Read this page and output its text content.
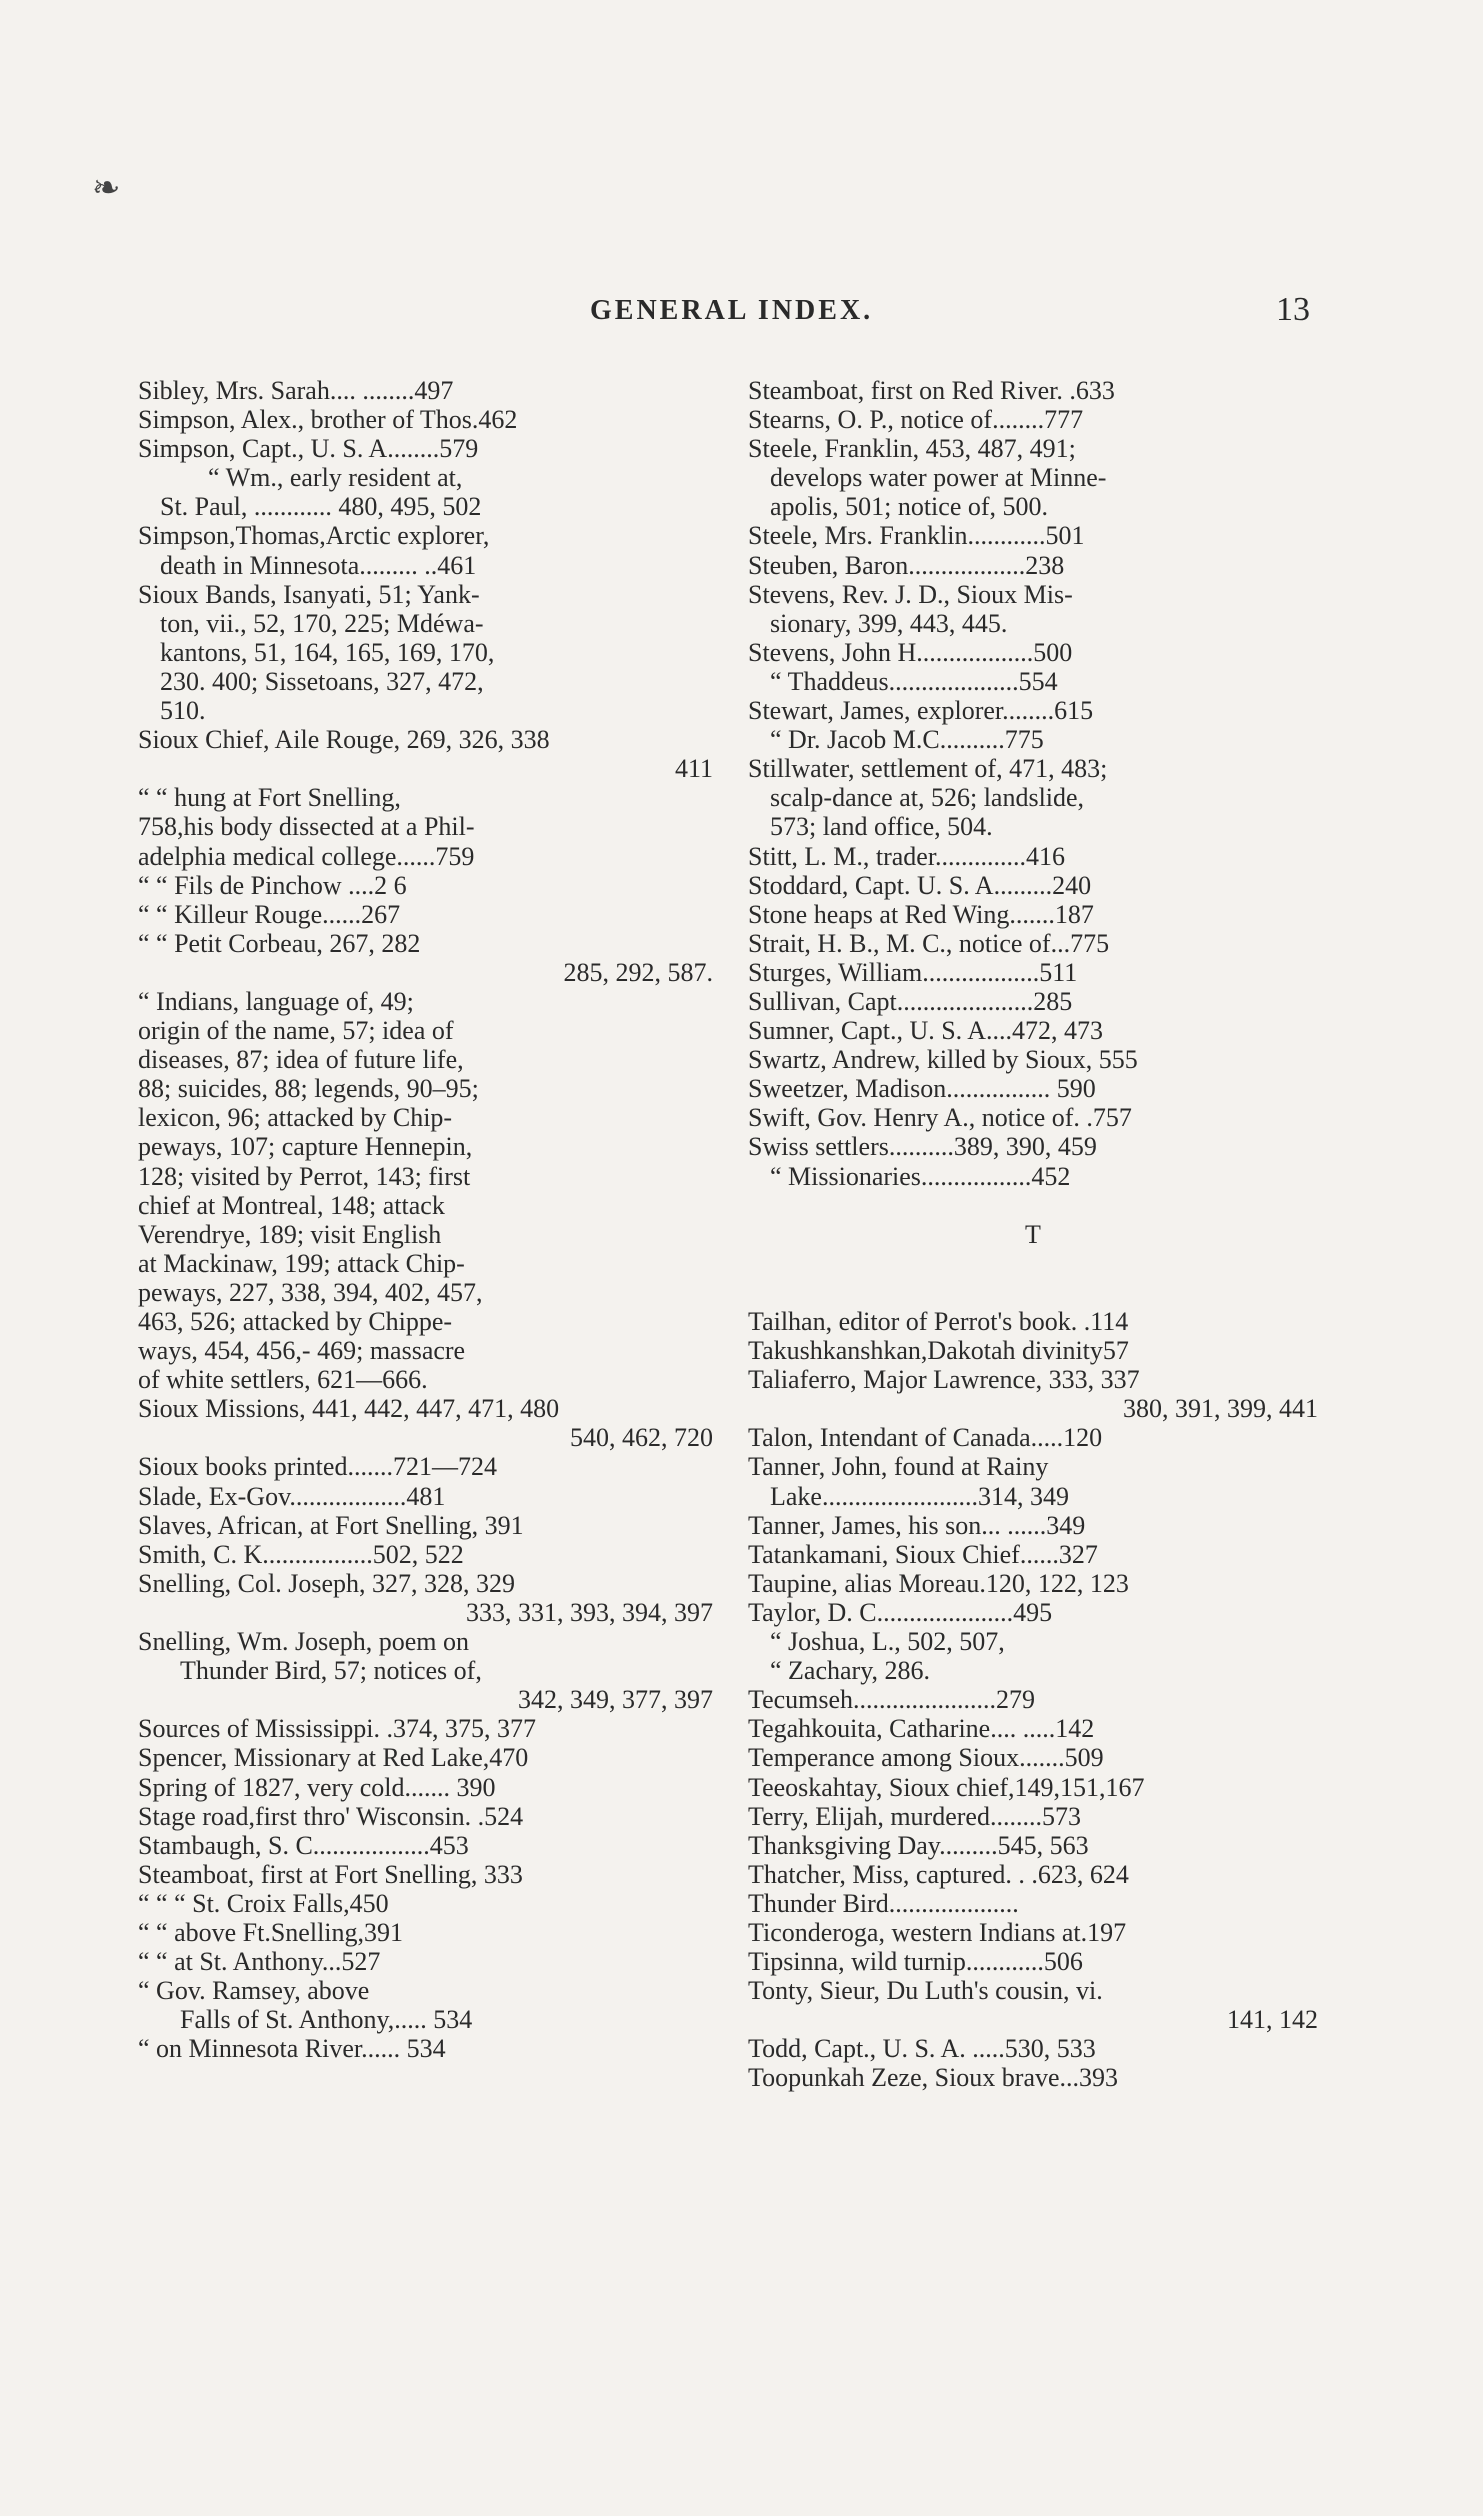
❧
GENERAL INDEX.	13
Sibley, Mrs. Sarah.... ........497
Simpson, Alex., brother of Thos.462
Simpson, Capt., U. S. A........579
“ Wm., early resident at,
St. Paul, ............ 480, 495, 502
Simpson,Thomas,Arctic explorer,
death in Minnesota......... ..461
Sioux Bands, Isanyati, 51; Yank-
ton, vii., 52, 170, 225; Mdéwa-
kantons, 51, 164, 165, 169, 170,
230. 400; Sissetoans, 327, 472,
510.
Sioux Chief, Aile Rouge, 269, 326, 338
411
“ “ hung at Fort Snelling,
758,his body dissected at a Phil-
adelphia medical college......759
“ “ Fils de Pinchow ....2 6
“ “ Killeur Rouge......267
“ “ Petit Corbeau, 267, 282
285, 292, 587.
“ Indians, language of, 49;
origin of the name, 57; idea of
diseases, 87; idea of future life,
88; suicides, 88; legends, 90–95;
lexicon, 96; attacked by Chip-
peways, 107; capture Hennepin,
128; visited by Perrot, 143; first
chief at Montreal, 148; attack
Verendrye, 189; visit English
at Mackinaw, 199; attack Chip-
peways, 227, 338, 394, 402, 457,
463, 526; attacked by Chippe-
ways, 454, 456,- 469; massacre
of white settlers, 621—666.
Sioux Missions, 441, 442, 447, 471, 480
540, 462, 720
Sioux books printed.......721—724
Slade, Ex-Gov..................481
Slaves, African, at Fort Snelling, 391
Smith, C. K.................502, 522
Snelling, Col. Joseph, 327, 328, 329
333, 331, 393, 394, 397
Snelling, Wm. Joseph, poem on
Thunder Bird, 57; notices of,
342, 349, 377, 397
Sources of Mississippi. .374, 375, 377
Spencer, Missionary at Red Lake,470
Spring of 1827, very cold....... 390
Stage road,first thro' Wisconsin. .524
Stambaugh, S. C..................453
Steamboat, first at Fort Snelling, 333
“ “ “ St. Croix Falls,450
“ “ above Ft.Snelling,391
“ “ at St. Anthony...527
“ Gov. Ramsey, above
Falls of St. Anthony,..... 534
“ on Minnesota River...... 534
Steamboat, first on Red River. .633
Stearns, O. P., notice of........777
Steele, Franklin, 453, 487, 491;
develops water power at Minne-
apolis, 501; notice of, 500.
Steele, Mrs. Franklin............501
Steuben, Baron..................238
Stevens, Rev. J. D., Sioux Mis-
sionary, 399, 443, 445.
Stevens, John H..................500
“ Thaddeus....................554
Stewart, James, explorer........615
“ Dr. Jacob M.C..........775
Stillwater, settlement of, 471, 483;
scalp-dance at, 526; landslide,
573; land office, 504.
Stitt, L. M., trader..............416
Stoddard, Capt. U. S. A.........240
Stone heaps at Red Wing.......187
Strait, H. B., M. C., notice of...775
Sturges, William..................511
Sullivan, Capt.....................285
Sumner, Capt., U. S. A....472, 473
Swartz, Andrew, killed by Sioux, 555
Sweetzer, Madison................ 590
Swift, Gov. Henry A., notice of. .757
Swiss settlers..........389, 390, 459
“ Missionaries.................452
T
Tailhan, editor of Perrot's book. .114
Takushkanshkan,Dakotah divinity57
Taliaferro, Major Lawrence, 333, 337
380, 391, 399, 441
Talon, Intendant of Canada.....120
Tanner, John, found at Rainy
Lake........................314, 349
Tanner, James, his son... ......349
Tatankamani, Sioux Chief......327
Taupine, alias Moreau.120, 122, 123
Taylor, D. C.....................495
“ Joshua, L., 502, 507,
“ Zachary, 286.
Tecumseh......................279
Tegahkouita, Catharine.... .....142
Temperance among Sioux.......509
Teeoskahtay, Sioux chief,149,151,167
Terry, Elijah, murdered........573
Thanksgiving Day.........545, 563
Thatcher, Miss, captured. . .623, 624
Thunder Bird....................
Ticonderoga, western Indians at.197
Tipsinna, wild turnip............506
Tonty, Sieur, Du Luth's cousin, vi.
141, 142
Todd, Capt., U. S. A. .....530, 533
Toopunkah Zeze, Sioux brave...393
